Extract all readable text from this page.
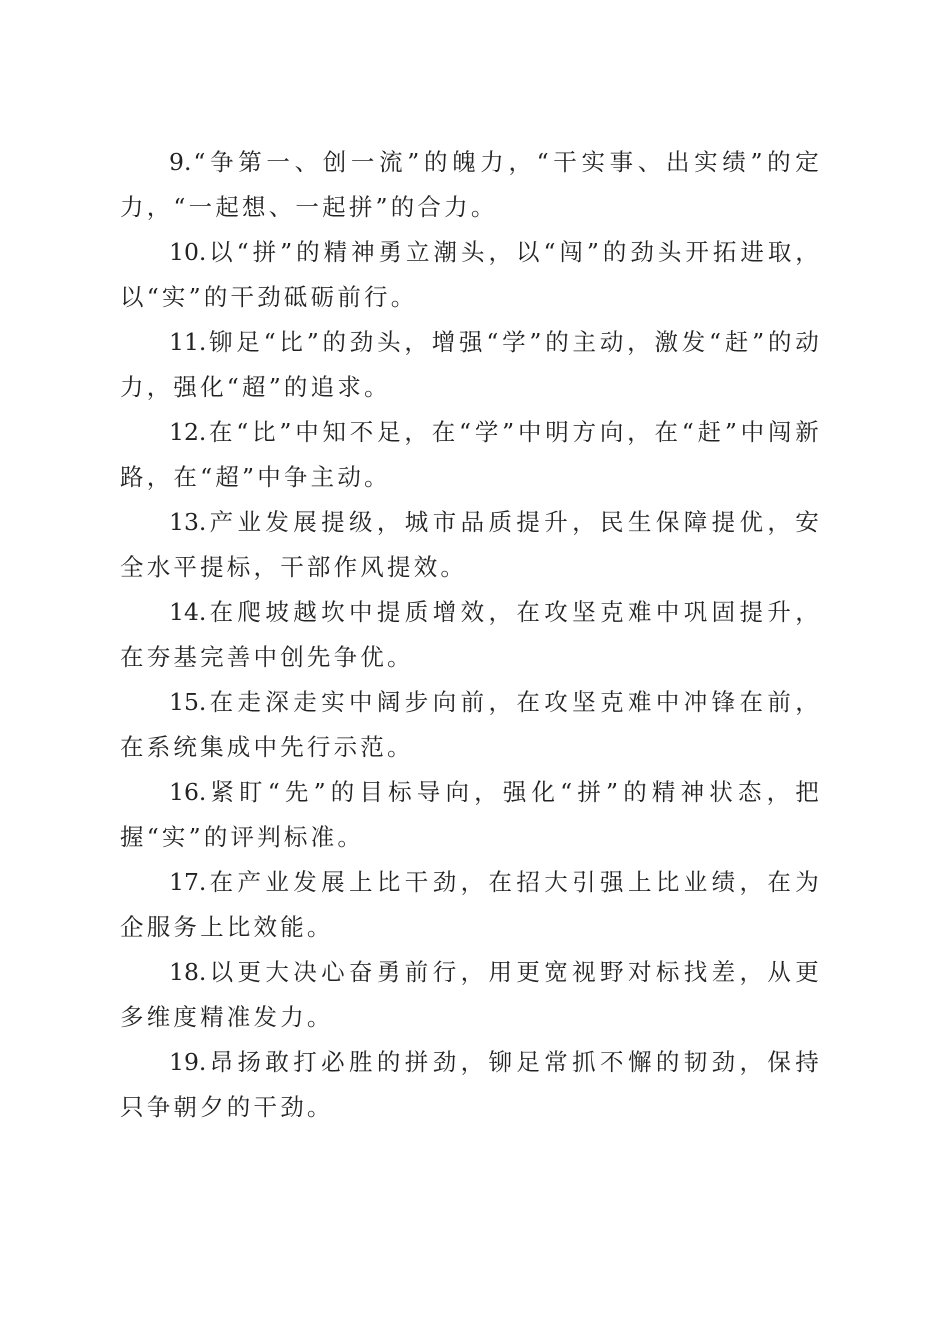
9.“争第一、创一流”的魄力，“干实事、出实绩”的定力，“一起想、一起拼”的合力。

10.以“拼”的精神勇立潮头，以“闯”的劲头开拓进取，以“实”的干劲砥砺前行。

11.铆足“比”的劲头，增强“学”的主动，激发“赶”的动力，强化“超”的追求。

12.在“比”中知不足，在“学”中明方向，在“赶”中闯新路，在“超”中争主动。

13.产业发展提级，城市品质提升，民生保障提优，安全水平提标，干部作风提效。

14.在爬坡越坎中提质增效，在攻坚克难中巩固提升，在夯基完善中创先争优。

15.在走深走实中阔步向前，在攻坚克难中冲锋在前，在系统集成中先行示范。

16.紧盯“先”的目标导向，强化“拼”的精神状态，把握“实”的评判标准。

17.在产业发展上比干劲，在招大引强上比业绩，在为企服务上比效能。

18.以更大决心奋勇前行，用更宽视野对标找差，从更多维度精准发力。

19.昂扬敢打必胜的拼劲，铆足常抓不懈的韧劲，保持只争朝夕的干劲。
